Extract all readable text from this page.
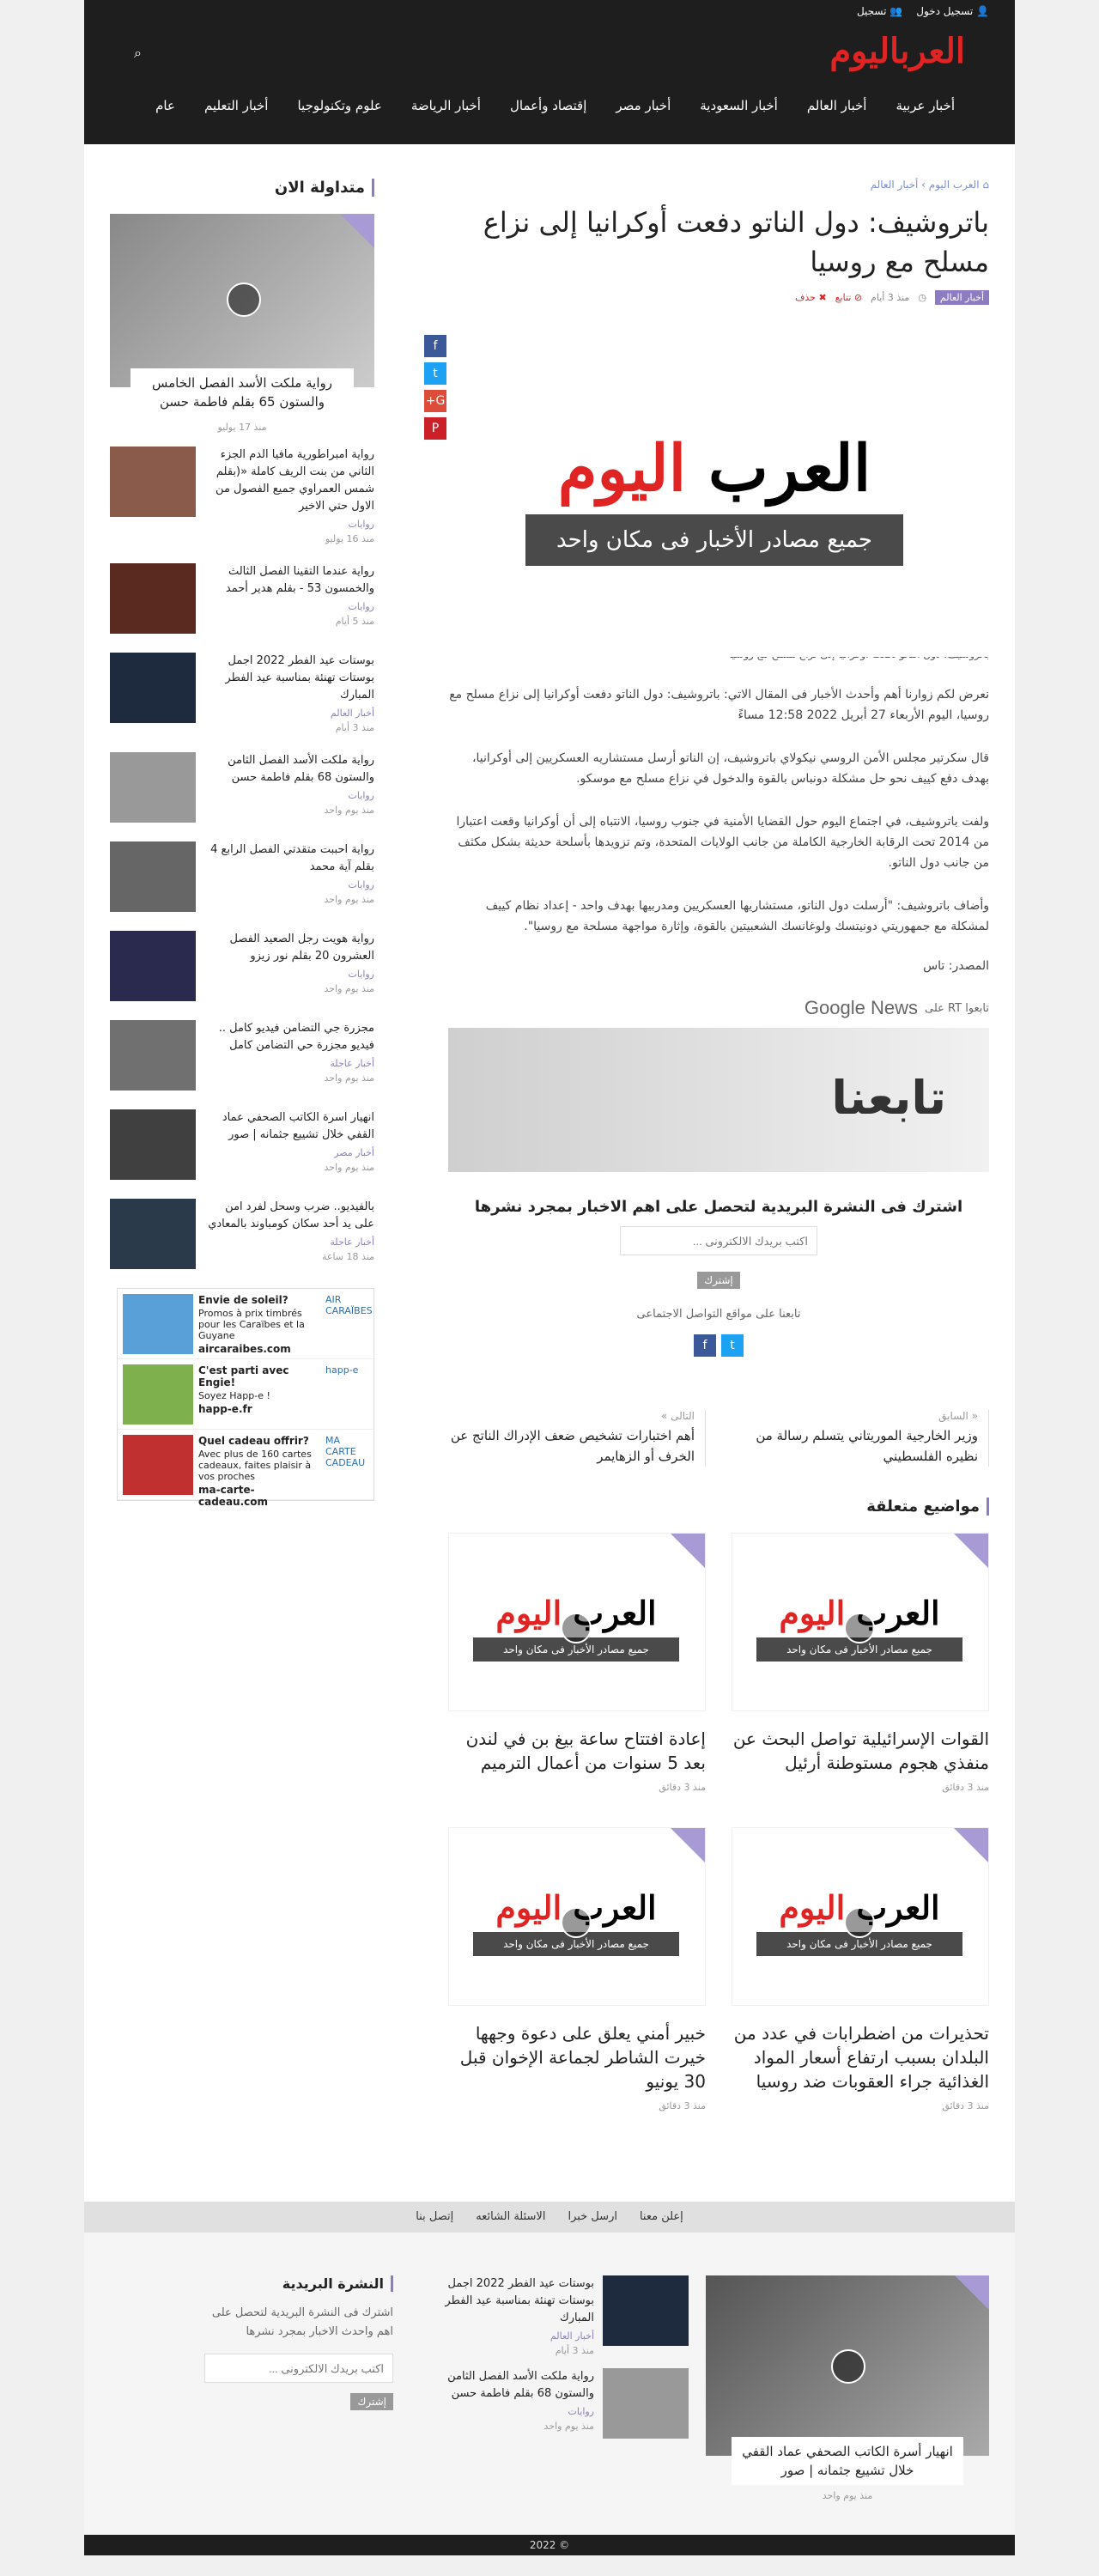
👤 تسجيل دخول
👥 تسجيل
العرباليوم
⌕
أخبار عربية
أخبار العالم
أخبار السعودية
أخبار مصر
إقتصاد وأعمال
أخبار الرياضة
علوم وتكنولوجيا
أخبار التعليم
عام
f
t
G+
P
⌂ العرب اليوم › أخبار العالم
باتروشيف: دول الناتو دفعت أوكرانيا إلى نزاع مسلح مع روسيا
أخبار العالم
◷
منذ 3 أيام
⊘ تتابع
✖ حذف
العرب اليوم
جميع مصادر الأخبار فى مكان واحد

نعرض لكم زوارنا أهم وأحدث الأخبار فى المقال الاتي: باتروشيف: دول الناتو دفعت أوكرانيا إلى نزاع مسلح مع روسيا، اليوم الأربعاء 27 أبريل 2022 12:58 مساءً

قال سكرتير مجلس الأمن الروسي نيكولاي باتروشيف، إن الناتو أرسل مستشاريه العسكريين إلى أوكرانيا، بهدف دفع كييف نحو حل مشكلة دونباس بالقوة والدخول في نزاع مسلح مع موسكو.

ولفت باتروشيف، في اجتماع اليوم حول القضايا الأمنية في جنوب روسيا، الانتباه إلى أن أوكرانيا وقعت اعتبارا من 2014 تحت الرقابة الخارجية الكاملة من جانب الولايات المتحدة، وتم تزويدها بأسلحة حديثة بشكل مكثف من جانب دول الناتو.

وأضاف باتروشيف: "أرسلت دول الناتو، مستشاريها العسكريين ومدربيها بهدف واحد - إعداد نظام كييف لمشكلة مع جمهوريتي دونيتسك ولوغانسك الشعبيتين بالقوة، وإثارة مواجهة مسلحة مع روسيا".

المصدر: تاس
تابعوا RT على
Google News
تابعنا
اشترك فى النشرة البريدية لتحصل على اهم الاخبار بمجرد نشرها
اكتب بريدك الالكترونى ...
إشترك
تابعنا على مواقع التواصل الاجتماعى
t
f
« السابق
وزير الخارجية الموريتاني يتسلم رسالة من نظيره الفلسطيني
التالى »
أهم اختبارات تشخيص ضعف الإدراك الناتج عن الخرف أو الزهايمر
مواضيع متعلقة
العرب اليوم
جميع مصادر الأخبار فى مكان واحد
القوات الإسرائيلية تواصل البحث عن منفذي هجوم مستوطنة أرئيل
منذ 3 دقائق
العرب اليوم
جميع مصادر الأخبار فى مكان واحد
إعادة افتتاح ساعة بيغ بن في لندن بعد 5 سنوات من أعمال الترميم
منذ 3 دقائق
العرب اليوم
جميع مصادر الأخبار فى مكان واحد
تحذيرات من اضطرابات في عدد من البلدان بسبب ارتفاع أسعار المواد الغذائية جراء العقوبات ضد روسيا
منذ 3 دقائق
العرب اليوم
جميع مصادر الأخبار فى مكان واحد
خبير أمني يعلق على دعوة وجهها خيرت الشاطر لجماعة الإخوان قبل 30 يونيو
منذ 3 دقائق
متداولة الان
رواية ملكت الأسد الفصل الخامس والستون 65 بقلم فاطمة حسن
منذ 17 يوليو
رواية امبراطورية مافيا الدم الجزء الثاني من بنت الريف كاملة «(بقلم شمس العمراوي جميع الفصول من الاول حتي الاخير
روايات
منذ 16 يوليو
رواية عندما التقينا الفصل الثالث والخمسون 53 - بقلم هدير أحمد
روايات
منذ 5 أيام
بوستات عيد الفطر 2022 اجمل بوستات تهنئة بمناسبة عيد الفطر المبارك
أخبار العالم
منذ 3 أيام
رواية ملكت الأسد الفصل الثامن والستون 68 بقلم فاطمة حسن
روايات
منذ يوم واحد
رواية احببت متقدتي الفصل الرابع 4 بقلم آية محمد
روايات
منذ يوم واحد
رواية هويت رجل الصعيد الفصل العشرون 20 بقلم نور زيزو
روايات
منذ يوم واحد
مجزرة جي التضامن فيديو كامل .. فيديو مجزرة حي التضامن كامل
أخبار عاجلة
منذ يوم واحد
انهيار اسرة الكاتب الصحفي عماد القفي خلال تشييع جثمانه | صور
أخبار مصر
منذ يوم واحد
بالفيديو.. ضرب وسحل لفرد امن على يد أحد سكان كومباوند بالمعادي
أخبار عاجلة
منذ 18 ساعة
Envie de soleil?
Promos à prix timbrés pour les Caraïbes et la Guyane
aircaraibes.com
AIR CARAÏBES
C'est parti avec Engie!
Soyez Happ-e !
happ-e.fr
happ-e
Quel cadeau offrir?
Avec plus de 160 cartes cadeaux, faites plaisir à vos proches
ma-carte-cadeau.com
MA CARTE CADEAU
إعلن معنا
ارسل خبرا
الاسئلة الشائعه
إتصل بنا
انهيار أسرة الكاتب الصحفي عماد القفي خلال تشييع جثمانه | صور
منذ يوم واحد
بوستات عيد الفطر 2022 اجمل بوستات تهنئة بمناسبة عيد الفطر المبارك
أخبار العالم
منذ 3 أيام
رواية ملكت الأسد الفصل الثامن والستون 68 بقلم فاطمة حسن
روايات
منذ يوم واحد
النشرة البريدية

اشترك فى النشرة البريدية لتحصل على اهم واحدث الاخبار بمجرد نشرها

اكتب بريدك الالكترونى ...
إشترك
© 2022
